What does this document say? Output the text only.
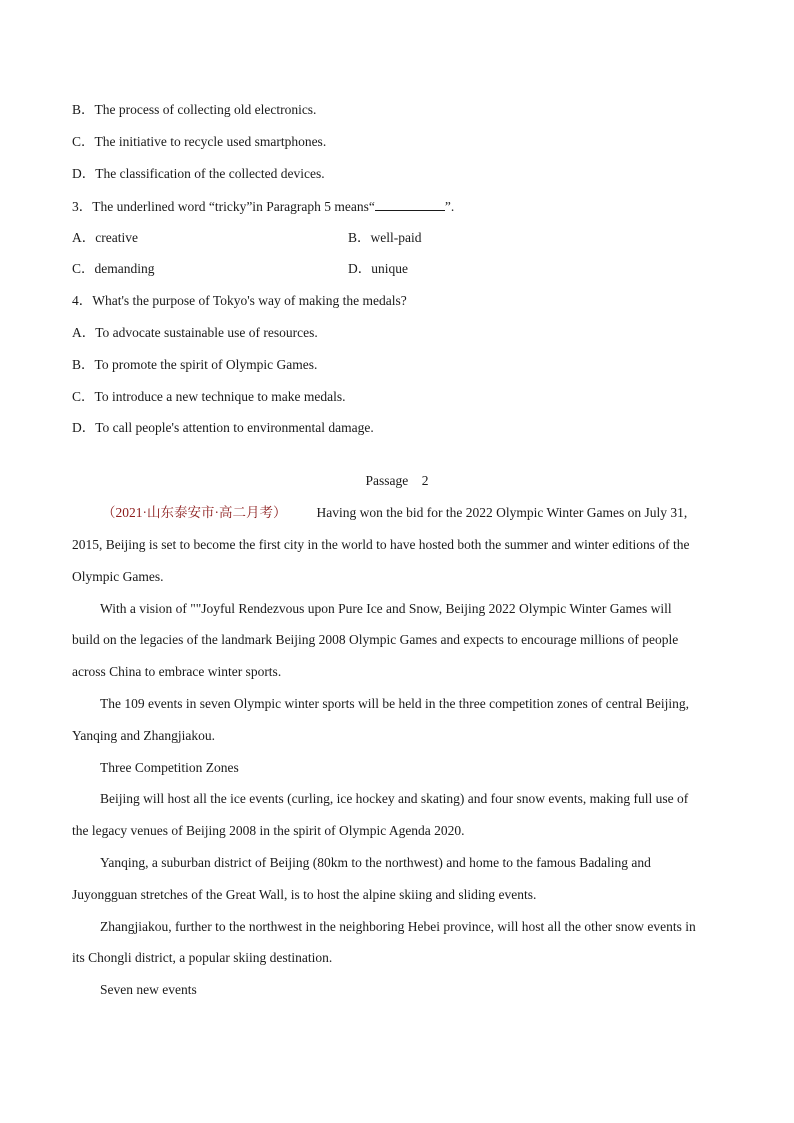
B．The process of collecting old electronics.
C．The initiative to recycle used smartphones.
D．The classification of the collected devices.
3．The underlined word “tricky”in Paragraph 5 means“	”.
A．creative	B．well-paid
C．demanding	D．unique
4．What's the purpose of Tokyo's way of making the medals?
A．To advocate sustainable use of resources.
B．To promote the spirit of Olympic Games.
C．To introduce a new technique to make medals.
D．To call people's attention to environmental damage.
Passage    2
（2021·山东泰安市·高二月考） Having won the bid for the 2022 Olympic Winter Games on July 31,
2015, Beijing is set to become the first city in the world to have hosted both the summer and winter editions of the
Olympic Games.
With a vision of ""Joyful Rendezvous upon Pure Ice and Snow, Beijing 2022 Olympic Winter Games will
build on the legacies of the landmark Beijing 2008 Olympic Games and expects to encourage millions of people
across China to embrace winter sports.
The 109 events in seven Olympic winter sports will be held in the three competition zones of central Beijing,
Yanqing and Zhangjiakou.
Three Competition Zones
Beijing will host all the ice events (curling, ice hockey and skating) and four snow events, making full use of
the legacy venues of Beijing 2008 in the spirit of Olympic Agenda 2020.
Yanqing, a suburban district of Beijing (80km to the northwest) and home to the famous Badaling and
Juyongguan stretches of the Great Wall, is to host the alpine skiing and sliding events.
Zhangjiakou, further to the northwest in the neighboring Hebei province, will host all the other snow events in
its Chongli district, a popular skiing destination.
Seven new events
